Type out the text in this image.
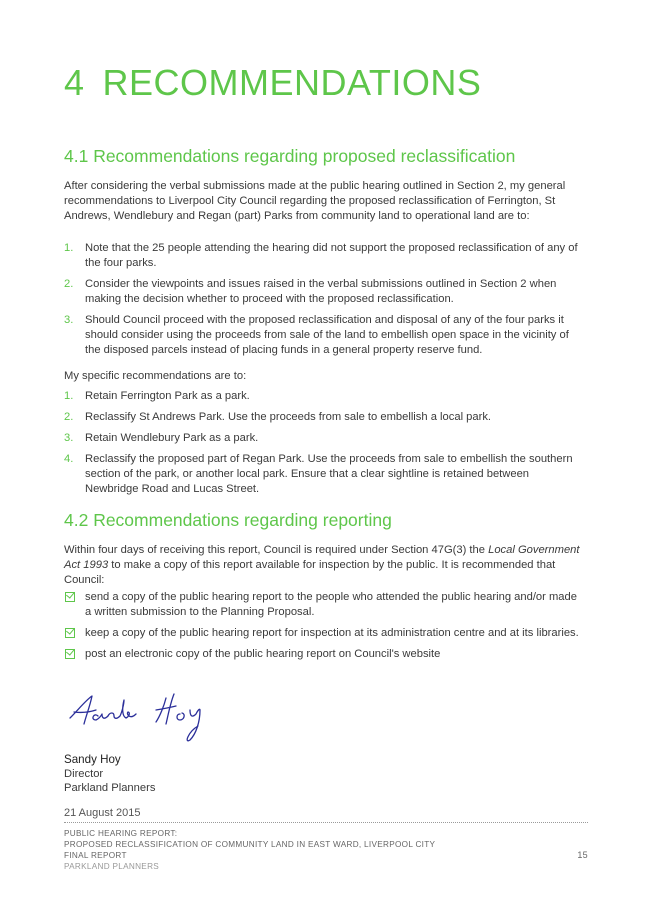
4 RECOMMENDATIONS
4.1 Recommendations regarding proposed reclassification

After considering the verbal submissions made at the public hearing outlined in Section 2, my general recommendations to Liverpool City Council regarding the proposed reclassification of Ferrington, St Andrews, Wendlebury and Regan (part) Parks from community land to operational land are to:

1. Note that the 25 people attending the hearing did not support the proposed reclassification of any of the four parks.
2. Consider the viewpoints and issues raised in the verbal submissions outlined in Section 2 when making the decision whether to proceed with the proposed reclassification.
3. Should Council proceed with the proposed reclassification and disposal of any of the four parks it should consider using the proceeds from sale of the land to embellish open space in the vicinity of the disposed parcels instead of placing funds in a general property reserve fund.

My specific recommendations are to:

1. Retain Ferrington Park as a park.
2. Reclassify St Andrews Park. Use the proceeds from sale to embellish a local park.
3. Retain Wendlebury Park as a park.
4. Reclassify the proposed part of Regan Park. Use the proceeds from sale to embellish the southern section of the park, or another local park. Ensure that a clear sightline is retained between Newbridge Road and Lucas Street.
4.2 Recommendations regarding reporting

Within four days of receiving this report, Council is required under Section 47G(3) the Local Government Act 1993 to make a copy of this report available for inspection by the public. It is recommended that Council:

send a copy of the public hearing report to the people who attended the public hearing and/or made a written submission to the Planning Proposal.
keep a copy of the public hearing report for inspection at its administration centre and at its libraries.
post an electronic copy of the public hearing report on Council's website
Sandra Hoy

Sandy Hoy

Director

Parkland Planners

21 August 2015

PUBLIC HEARING REPORT:
PROPOSED RECLASSIFICATION OF COMMUNITY LAND IN EAST WARD, LIVERPOOL CITY
FINAL REPORT
PARKLAND PLANNERS
15
